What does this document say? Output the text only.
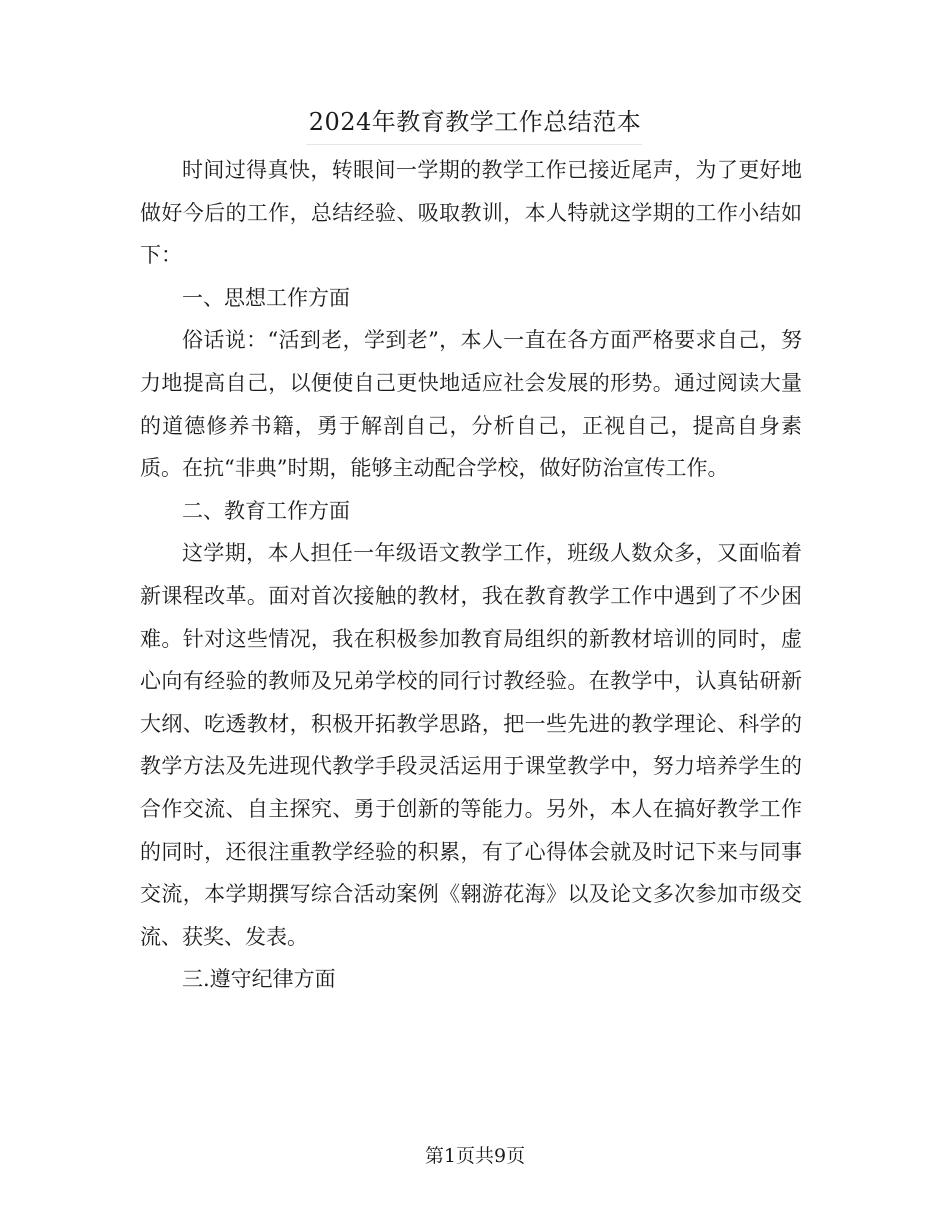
2024年教育教学工作总结范本

时间过得真快，转眼间一学期的教学工作已接近尾声，为了更好地做好今后的工作，总结经验、吸取教训，本人特就这学期的工作小结如下：

一、思想工作方面

俗话说：“活到老，学到老”，本人一直在各方面严格要求自己，努力地提高自己，以便使自己更快地适应社会发展的形势。通过阅读大量的道德修养书籍，勇于解剖自己，分析自己，正视自己，提高自身素质。在抗“非典”时期，能够主动配合学校，做好防治宣传工作。

二、教育工作方面

这学期，本人担任一年级语文教学工作，班级人数众多，又面临着新课程改革。面对首次接触的教材，我在教育教学工作中遇到了不少困难。针对这些情况，我在积极参加教育局组织的新教材培训的同时，虚心向有经验的教师及兄弟学校的同行讨教经验。在教学中，认真钻研新大纲、吃透教材，积极开拓教学思路，把一些先进的教学理论、科学的教学方法及先进现代教学手段灵活运用于课堂教学中，努力培养学生的合作交流、自主探究、勇于创新的等能力。另外，本人在搞好教学工作的同时，还很注重教学经验的积累，有了心得体会就及时记下来与同事交流，本学期撰写综合活动案例《翱游花海》以及论文多次参加市级交流、获奖、发表。

三.遵守纪律方面

第1页共9页
